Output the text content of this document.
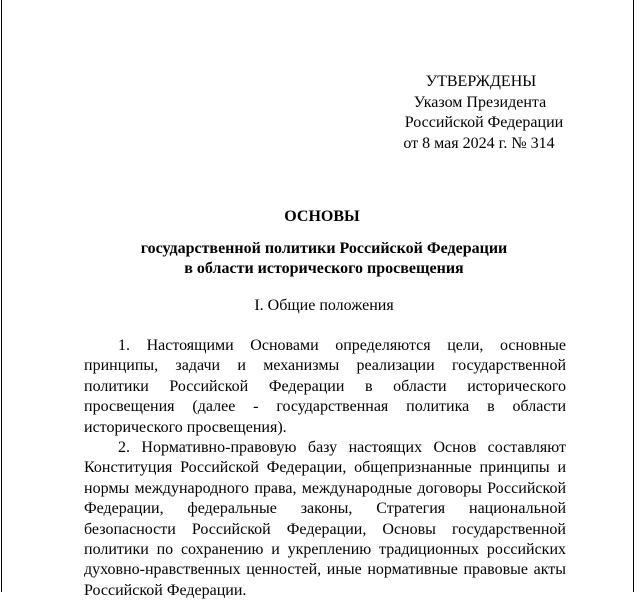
УТВЕРЖДЕНЫ
Указом Президента
Российской Федерации
от 8 мая 2024 г. № 314
ОСНОВЫ
государственной политики Российской Федерации
в области исторического просвещения
I. Общие положения

1. Настоящими Основами определяются цели, основные принципы, задачи и механизмы реализации государственной политики Российской Федерации в области исторического просвещения (далее - государственная политика в области исторического просвещения).

2. Нормативно-правовую базу настоящих Основ составляют Конституция Российской Федерации, общепризнанные принципы и нормы международного права, международные договоры Российской Федерации, федеральные законы, Стратегия национальной безопасности Российской Федерации, Основы государственной политики по сохранению и укреплению традиционных российских духовно-нравственных ценностей, иные нормативные правовые акты Российской Федерации.
